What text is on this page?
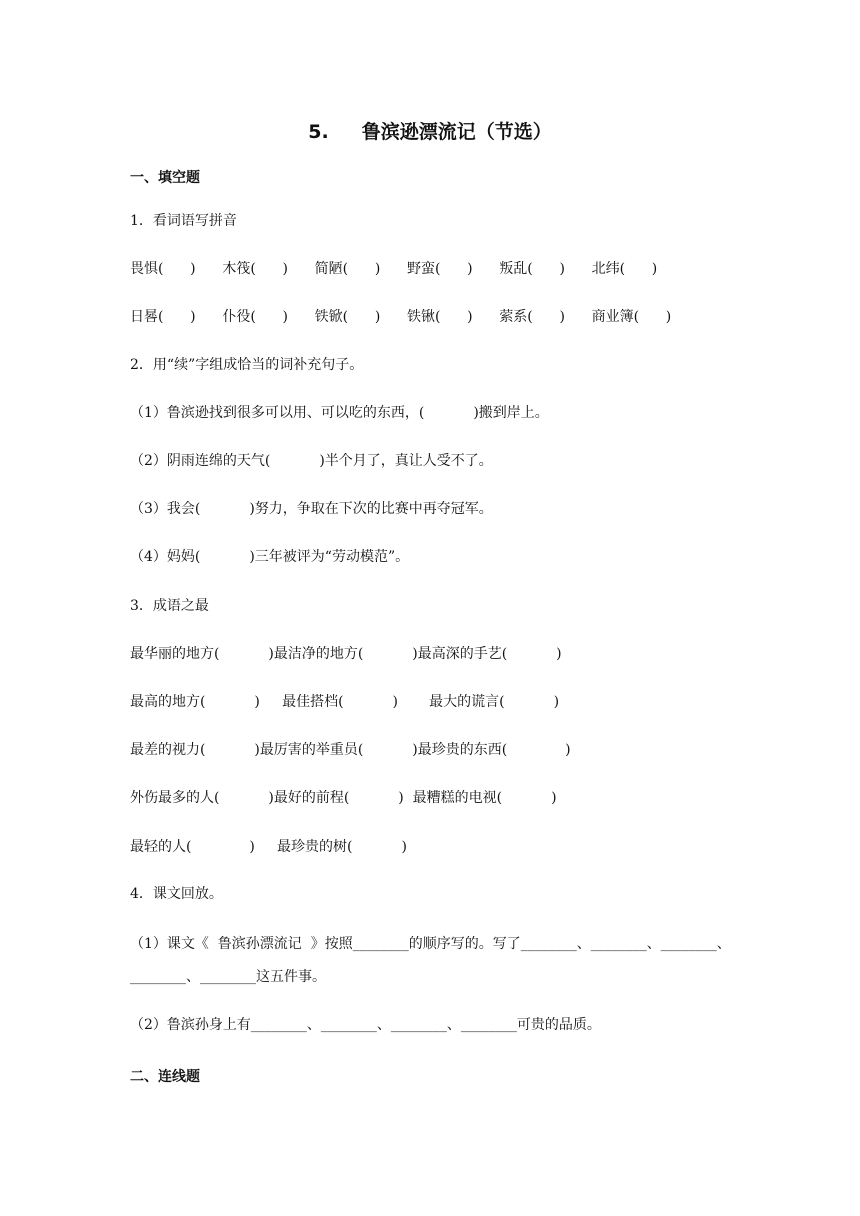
5.     鲁滨逊漂流记（节选）
一、填空题
1．看词语写拼音
畏惧(      )      木筏(      )      简陋(      )      野蛮(      )      叛乱(      )      北纬(      )
日晷(      )      仆役(      )      铁锨(      )      铁锹(      )      萦系(      )      商业簿(      )
2．用“续”字组成恰当的词补充句子。
（1）鲁滨逊找到很多可以用、可以吃的东西，(           )搬到岸上。
（2）阴雨连绵的天气(           )半个月了，真让人受不了。
（3）我会(           )努力，争取在下次的比赛中再夺冠军。
（4）妈妈(           )三年被评为“劳动模范”。
3．成语之最
最华丽的地方(           )最洁净的地方(           )最高深的手艺(           )
最高的地方(           )     最佳搭档(           )       最大的谎言(           )
最差的视力(           )最厉害的举重员(           )最珍贵的东西(             )
外伤最多的人(           )最好的前程(           )  最糟糕的电视(           )
最轻的人(             )     最珍贵的树(           )
4．课文回放。
（1）课文《  鲁滨孙漂流记  》按照________的顺序写的。写了________、________、________、
________、________这五件事。
（2）鲁滨孙身上有________、________、________、________可贵的品质。
二、连线题
